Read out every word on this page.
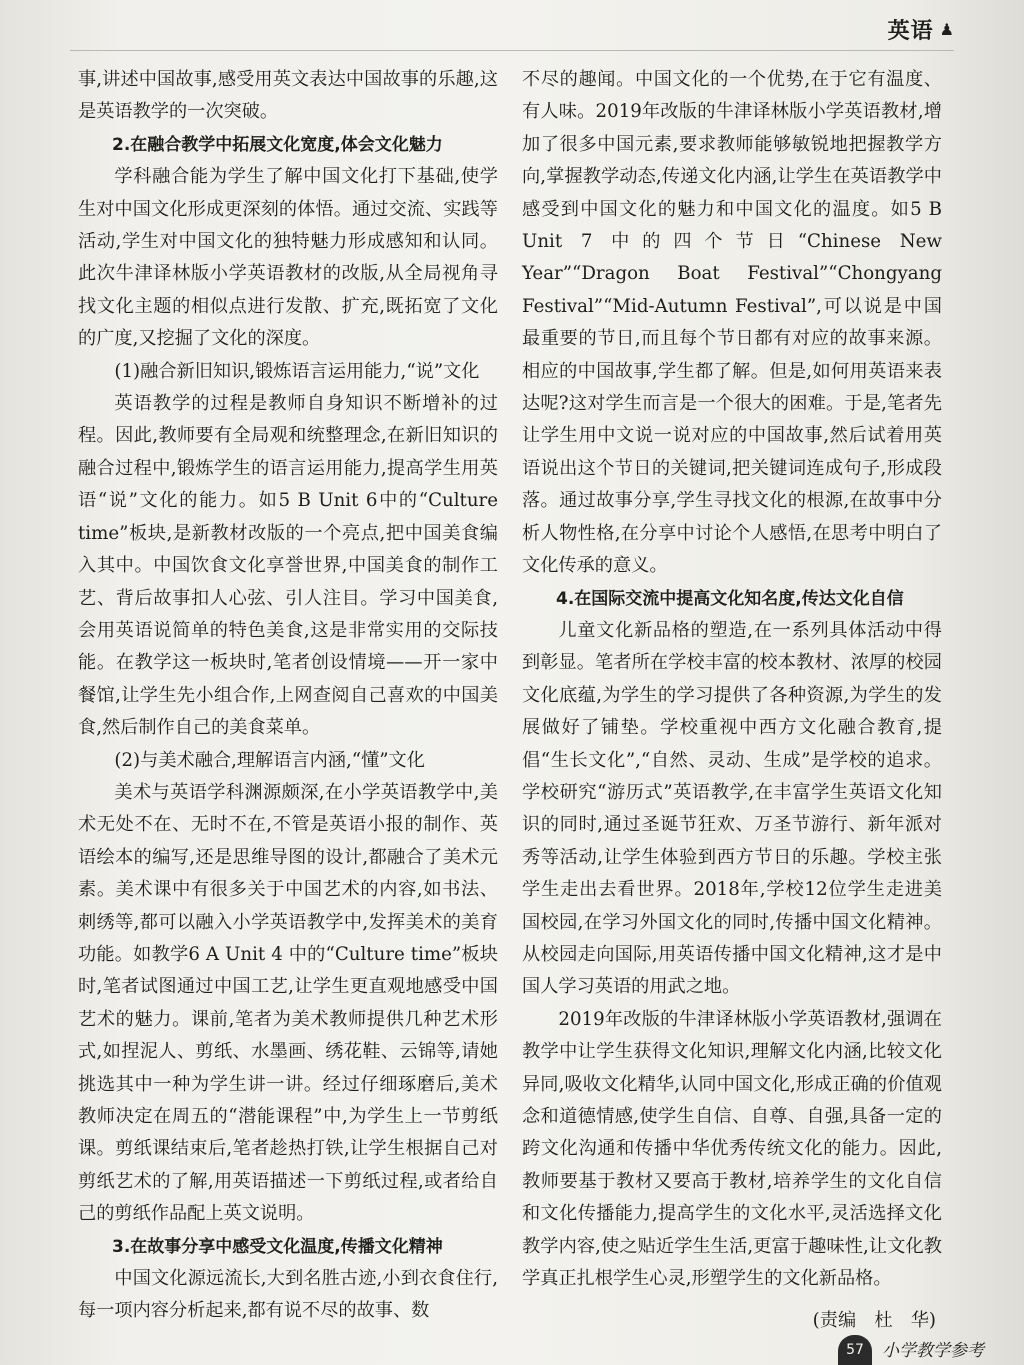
英语 ♟

事,讲述中国故事,感受用英文表达中国故事的乐趣,这是英语教学的一次突破。

2.在融合教学中拓展文化宽度,体会文化魅力

学科融合能为学生了解中国文化打下基础,使学生对中国文化形成更深刻的体悟。通过交流、实践等活动,学生对中国文化的独特魅力形成感知和认同。此次牛津译林版小学英语教材的改版,从全局视角寻找文化主题的相似点进行发散、扩充,既拓宽了文化的广度,又挖掘了文化的深度。

(1)融合新旧知识,锻炼语言运用能力,“说”文化

英语教学的过程是教师自身知识不断增补的过程。因此,教师要有全局观和统整理念,在新旧知识的融合过程中,锻炼学生的语言运用能力,提高学生用英语“说”文化的能力。如5 B Unit 6中的“Culture time”板块,是新教材改版的一个亮点,把中国美食编入其中。中国饮食文化享誉世界,中国美食的制作工艺、背后故事扣人心弦、引人注目。学习中国美食,会用英语说简单的特色美食,这是非常实用的交际技能。在教学这一板块时,笔者创设情境——开一家中餐馆,让学生先小组合作,上网查阅自己喜欢的中国美食,然后制作自己的美食菜单。

(2)与美术融合,理解语言内涵,“懂”文化

美术与英语学科渊源颇深,在小学英语教学中,美术无处不在、无时不在,不管是英语小报的制作、英语绘本的编写,还是思维导图的设计,都融合了美术元素。美术课中有很多关于中国艺术的内容,如书法、刺绣等,都可以融入小学英语教学中,发挥美术的美育功能。如教学6 A Unit 4 中的“Culture time”板块时,笔者试图通过中国工艺,让学生更直观地感受中国艺术的魅力。课前,笔者为美术教师提供几种艺术形式,如捏泥人、剪纸、水墨画、绣花鞋、云锦等,请她挑选其中一种为学生讲一讲。经过仔细琢磨后,美术教师决定在周五的“潜能课程”中,为学生上一节剪纸课。剪纸课结束后,笔者趁热打铁,让学生根据自己对剪纸艺术的了解,用英语描述一下剪纸过程,或者给自己的剪纸作品配上英文说明。

3.在故事分享中感受文化温度,传播文化精神

中国文化源远流长,大到名胜古迹,小到衣食住行,每一项内容分析起来,都有说不尽的故事、数

不尽的趣闻。中国文化的一个优势,在于它有温度、有人味。2019年改版的牛津译林版小学英语教材,增加了很多中国元素,要求教师能够敏锐地把握教学方向,掌握教学动态,传递文化内涵,让学生在英语教学中感受到中国文化的魅力和中国文化的温度。如5 B Unit 7 中的四个节日“Chinese New Year”“Dragon Boat Festival”“Chongyang Festival”“Mid-Autumn Festival”,可以说是中国最重要的节日,而且每个节日都有对应的故事来源。相应的中国故事,学生都了解。但是,如何用英语来表达呢?这对学生而言是一个很大的困难。于是,笔者先让学生用中文说一说对应的中国故事,然后试着用英语说出这个节日的关键词,把关键词连成句子,形成段落。通过故事分享,学生寻找文化的根源,在故事中分析人物性格,在分享中讨论个人感悟,在思考中明白了文化传承的意义。

4.在国际交流中提高文化知名度,传达文化自信

儿童文化新品格的塑造,在一系列具体活动中得到彰显。笔者所在学校丰富的校本教材、浓厚的校园文化底蕴,为学生的学习提供了各种资源,为学生的发展做好了铺垫。学校重视中西方文化融合教育,提倡“生长文化”,“自然、灵动、生成”是学校的追求。学校研究“游历式”英语教学,在丰富学生英语文化知识的同时,通过圣诞节狂欢、万圣节游行、新年派对秀等活动,让学生体验到西方节日的乐趣。学校主张学生走出去看世界。2018年,学校12位学生走进美国校园,在学习外国文化的同时,传播中国文化精神。从校园走向国际,用英语传播中国文化精神,这才是中国人学习英语的用武之地。

2019年改版的牛津译林版小学英语教材,强调在教学中让学生获得文化知识,理解文化内涵,比较文化异同,吸收文化精华,认同中国文化,形成正确的价值观念和道德情感,使学生自信、自尊、自强,具备一定的跨文化沟通和传播中华优秀传统文化的能力。因此,教师要基于教材又要高于教材,培养学生的文化自信和文化传播能力,提高学生的文化水平,灵活选择文化教学内容,使之贴近学生生活,更富于趣味性,让文化教学真正扎根学生心灵,形塑学生的文化新品格。

(责编　杜　华)

57	小学教学参考
